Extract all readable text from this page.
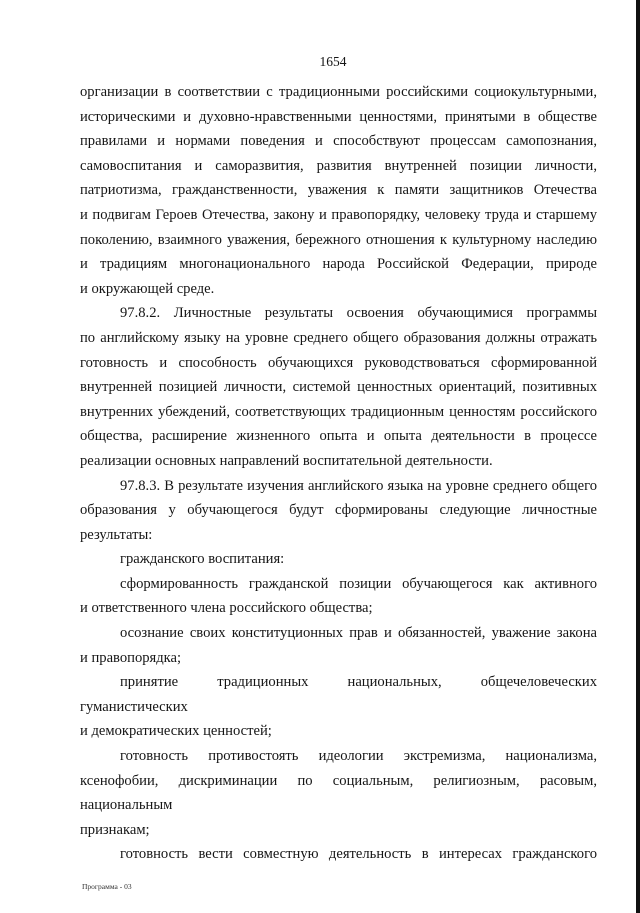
1654

организации в соответствии с традиционными российскими социокультурными,

историческими и духовно-нравственными ценностями, принятыми в обществе

правилами и нормами поведения и способствуют процессам самопознания,

самовоспитания и саморазвития, развития внутренней позиции личности,

патриотизма, гражданственности, уважения к памяти защитников Отечества

и подвигам Героев Отечества, закону и правопорядку, человеку труда и старшему

поколению, взаимного уважения, бережного отношения к культурному наследию

и традициям многонационального народа Российской Федерации, природе

и окружающей среде.

97.8.2. Личностные результаты освоения обучающимися программы

по английскому языку на уровне среднего общего образования должны отражать

готовность и способность обучающихся руководствоваться сформированной

внутренней позицией личности, системой ценностных ориентаций, позитивных

внутренних убеждений, соответствующих традиционным ценностям российского

общества, расширение жизненного опыта и опыта деятельности в процессе

реализации основных направлений воспитательной деятельности.

97.8.3. В результате изучения английского языка на уровне среднего общего

образования у обучающегося будут сформированы следующие личностные

результаты:

гражданского воспитания:

сформированность гражданской позиции обучающегося как активного

и ответственного члена российского общества;

осознание своих конституционных прав и обязанностей, уважение закона

и правопорядка;

принятие традиционных национальных, общечеловеческих гуманистических

и демократических ценностей;

готовность противостоять идеологии экстремизма, национализма,

ксенофобии, дискриминации по социальным, религиозным, расовым, национальным

признакам;

готовность вести совместную деятельность в интересах гражданского

Программа - 03
